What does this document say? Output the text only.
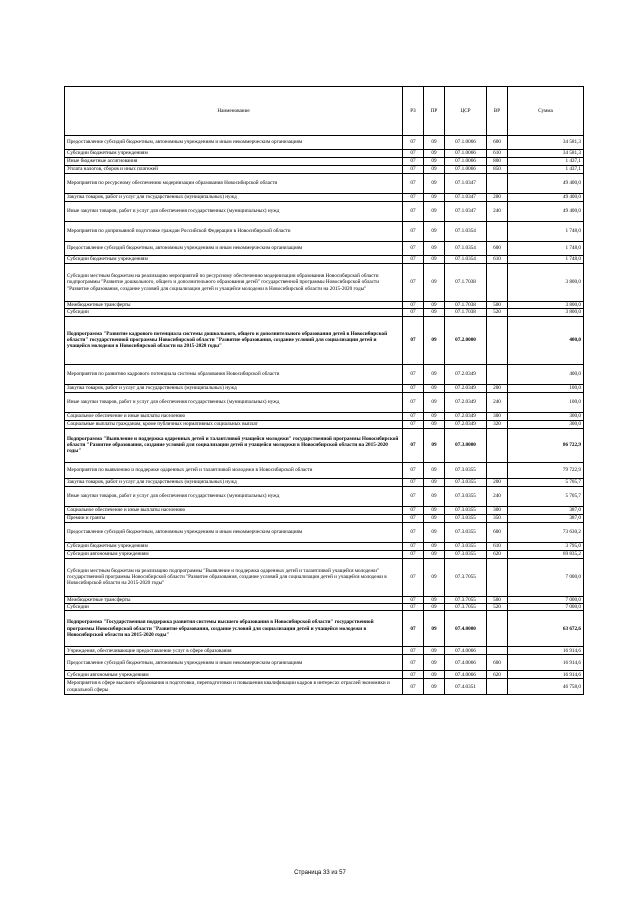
Наименование	РЗ	ПР	ЦСР	ВР	Сумма
Предоставление субсидий бюджетным, автономным учреждениям и иным некоммерческим организациям	07	09	07.1.0066	600	34 581,3
Субсидии бюджетным учреждениям	07	09	07.1.0066	610	34 581,3
Иные бюджетные ассигнования	07	09	07.1.0066	800	1 437,1
Уплата налогов, сборов и иных платежей	07	09	07.1.0066	850	1 437,1
Мероприятия по ресурсному обеспечению модернизации образования Новосибирской области	07	09	07.1.0347		49 400,0
Закупка товаров, работ и услуг для государственных (муниципальных) нужд	07	09	07.1.0347	200	49 400,0
Иные закупки товаров, работ и услуг для обеспечения государственных (муниципальных) нужд	07	09	07.1.0347	240	49 400,0
Мероприятия по допризывной подготовке граждан Российской Федерации в Новосибирской области	07	09	07.1.0354		1 748,0
Предоставление субсидий бюджетным, автономным учреждениям и иным некоммерческим организациям	07	09	07.1.0354	600	1 748,0
Субсидии бюджетным учреждениям	07	09	07.1.0354	610	1 748,0
Субсидии местным бюджетам на реализацию мероприятий по ресурсному обеспечению модернизации образования Новосибирской области подпрограммы "Развитие дошкольного, общего и дополнительного образования детей" государственной программы Новосибирской области "Развитие образования, создание условий для социализации детей и учащейся молодежи в Новосибирской области на 2015-2020 годы"	07	09	07.1.7038		3 800,0
Межбюджетные трансферты	07	09	07.1.7038	500	3 800,0
Субсидии	07	09	07.1.7038	520	3 800,0
Подпрограмма "Развитие кадрового потенциала системы дошкольного, общего и дополнительного образования детей в Новосибирской области" государственной программы Новосибирской области "Развитие образования, создание условий для социализации детей и учащейся молодежи в Новосибирской области на 2015-2020 годы"	07	09	07.2.0000		400,0
Мероприятия по развитию кадрового потенциала системы образования Новосибирской области	07	09	07.2.0349		400,0
Закупка товаров, работ и услуг для государственных (муниципальных) нужд	07	09	07.2.0349	200	100,0
Иные закупки товаров, работ и услуг для обеспечения государственных (муниципальных) нужд	07	09	07.2.0349	240	100,0
Социальное обеспечение и иные выплаты населению	07	09	07.2.0349	300	300,0
Социальные выплаты гражданам, кроме публичных нормативных социальных выплат	07	09	07.2.0349	320	300,0
Подпрограмма "Выявление и поддержка одаренных детей и талантливой учащейся молодежи" государственной программы Новосибирской области "Развитие образования, создание условий для социализации детей и учащейся молодежи в Новосибирской области на 2015-2020 годы"	07	09	07.3.0000		86 722,9
Мероприятия по выявлению и поддержке одаренных детей и талантливой молодежи в Новосибирской области	07	09	07.3.0355		79 722,9
Закупка товаров, работ и услуг для государственных (муниципальных) нужд	07	09	07.3.0355	200	5 705,7
Иные закупки товаров, работ и услуг для обеспечения государственных (муниципальных) нужд	07	09	07.3.0355	240	5 705,7
Социальное обеспечение и иные выплаты населению	07	09	07.3.0355	300	387,0
Премии и гранты	07	09	07.3.0355	350	387,0
Предоставление субсидий бюджетным, автономным учреждениям и иным некоммерческим организациям	07	09	07.3.0355	600	73 630,2
Субсидии бюджетным учреждениям	07	09	07.3.0355	610	3 795,0
Субсидии автономным учреждениям	07	09	07.3.0355	620	69 835,2
Субсидии местным бюджетам на реализацию подпрограммы "Выявление и поддержка одаренных детей и талантливой учащейся молодежи" государственной программы Новосибирской области "Развитие образования, создание условий для социализации детей и учащейся молодежи в Новосибирской области на 2015-2020 годы"	07	09	07.3.7055		7 000,0
Межбюджетные трансферты	07	09	07.3.7055	500	7 000,0
Субсидии	07	09	07.3.7055	520	7 000,0
Подпрограмма "Государственная поддержка развития системы высшего образования в Новосибирской области" государственной программы Новосибирской области "Развитие образования, создание условий для социализации детей и учащейся молодежи в Новосибирской области на 2015-2020 годы"	07	09	07.4.0000		63 672,6
Учреждения, обеспечивающие предоставление услуг в сфере образования	07	09	07.4.0066		16 914,6
Предоставление субсидий бюджетным, автономным учреждениям и иным некоммерческим организациям	07	09	07.4.0066	600	16 914,6
Субсидии автономным учреждениям	07	09	07.4.0066	620	16 914,6
Мероприятия в сфере высшего образования и подготовки, переподготовки и повышения квалификации кадров в интересах отраслей экономики и социальной сферы	07	09	07.4.0351		46 758,0
Страница 33 из 57
